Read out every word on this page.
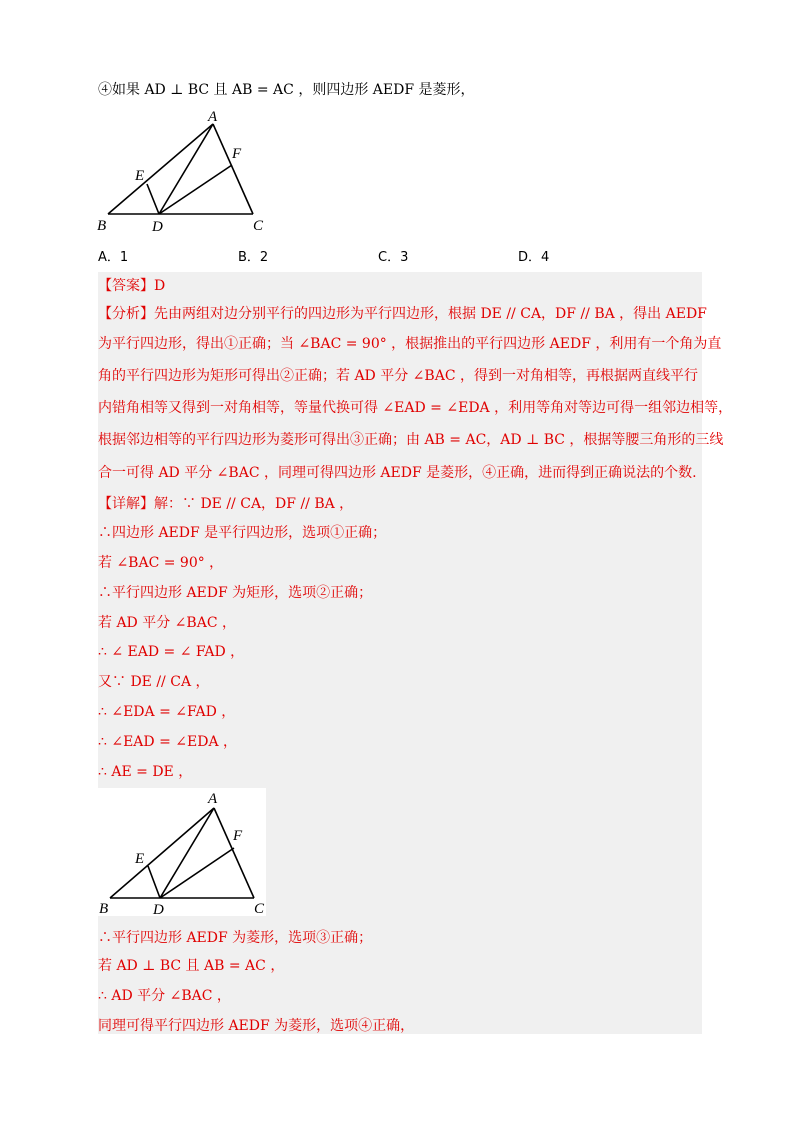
④如果 AD ⊥ BC 且 AB = AC ，则四边形 AEDF 是菱形，
A
B	C
D
E
F
A．1	B．2	C．3	D．4
【答案】D
【分析】先由两组对边分别平行的四边形为平行四边形，根据 DE // CA，DF // BA ，得出 AEDF
为平行四边形，得出①正确；当 ∠BAC = 90° ，根据推出的平行四边形 AEDF ，利用有一个角为直
角的平行四边形为矩形可得出②正确；若 AD 平分 ∠BAC ，得到一对角相等，再根据两直线平行
内错角相等又得到一对角相等，等量代换可得 ∠EAD = ∠EDA ，利用等角对等边可得一组邻边相等，
根据邻边相等的平行四边形为菱形可得出③正确；由 AB = AC，AD ⊥ BC ，根据等腰三角形的三线
合一可得 AD 平分 ∠BAC ，同理可得四边形 AEDF 是菱形，④正确，进而得到正确说法的个数.
【详解】解：∵ DE // CA，DF // BA ，
∴四边形 AEDF 是平行四边形，选项①正确；
若 ∠BAC = 90° ，
∴平行四边形 AEDF 为矩形，选项②正确；
若 AD 平分 ∠BAC ，
∴ ∠ EAD = ∠ FAD ，
又∵ DE // CA ，
∴ ∠EDA = ∠FAD ，
∴ ∠EAD = ∠EDA ，
∴ AE = DE ，
A
B	C
D
E
F
∴平行四边形 AEDF 为菱形，选项③正确；
若 AD ⊥ BC 且 AB = AC ，
∴ AD 平分 ∠BAC ，
同理可得平行四边形 AEDF 为菱形，选项④正确，
